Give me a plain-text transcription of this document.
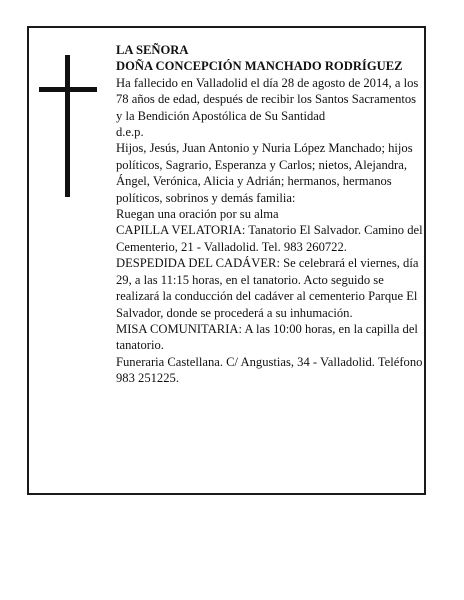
LA SEÑORA

DOÑA CONCEPCIÓN MANCHADO RODRÍGUEZ

Ha fallecido en Valladolid el día 28 de agosto de 2014, a los 78 años de edad, después de recibir los Santos Sacramentos y la Bendición Apostólica de Su Santidad

d.e.p.

Hijos, Jesús, Juan Antonio y Nuria López Manchado; hijos políticos, Sagrario, Esperanza y Carlos; nietos, Alejandra, Ángel, Verónica, Alicia y Adrián; hermanos, hermanos políticos, sobrinos y demás familia:

Ruegan una oración por su alma

CAPILLA VELATORIA: Tanatorio El Salvador. Camino del Cementerio, 21 - Valladolid. Tel. 983 260722.

DESPEDIDA DEL CADÁVER: Se celebrará el viernes, día 29, a las 11:15 horas, en el tanatorio. Acto seguido se realizará la conducción del cadáver al cementerio Parque El Salvador, donde se procederá a su inhumación.

MISA COMUNITARIA: A las 10:00 horas, en la capilla del tanatorio.

Funeraria Castellana. C/ Angustias, 34 - Valladolid. Teléfono 983 251225.
